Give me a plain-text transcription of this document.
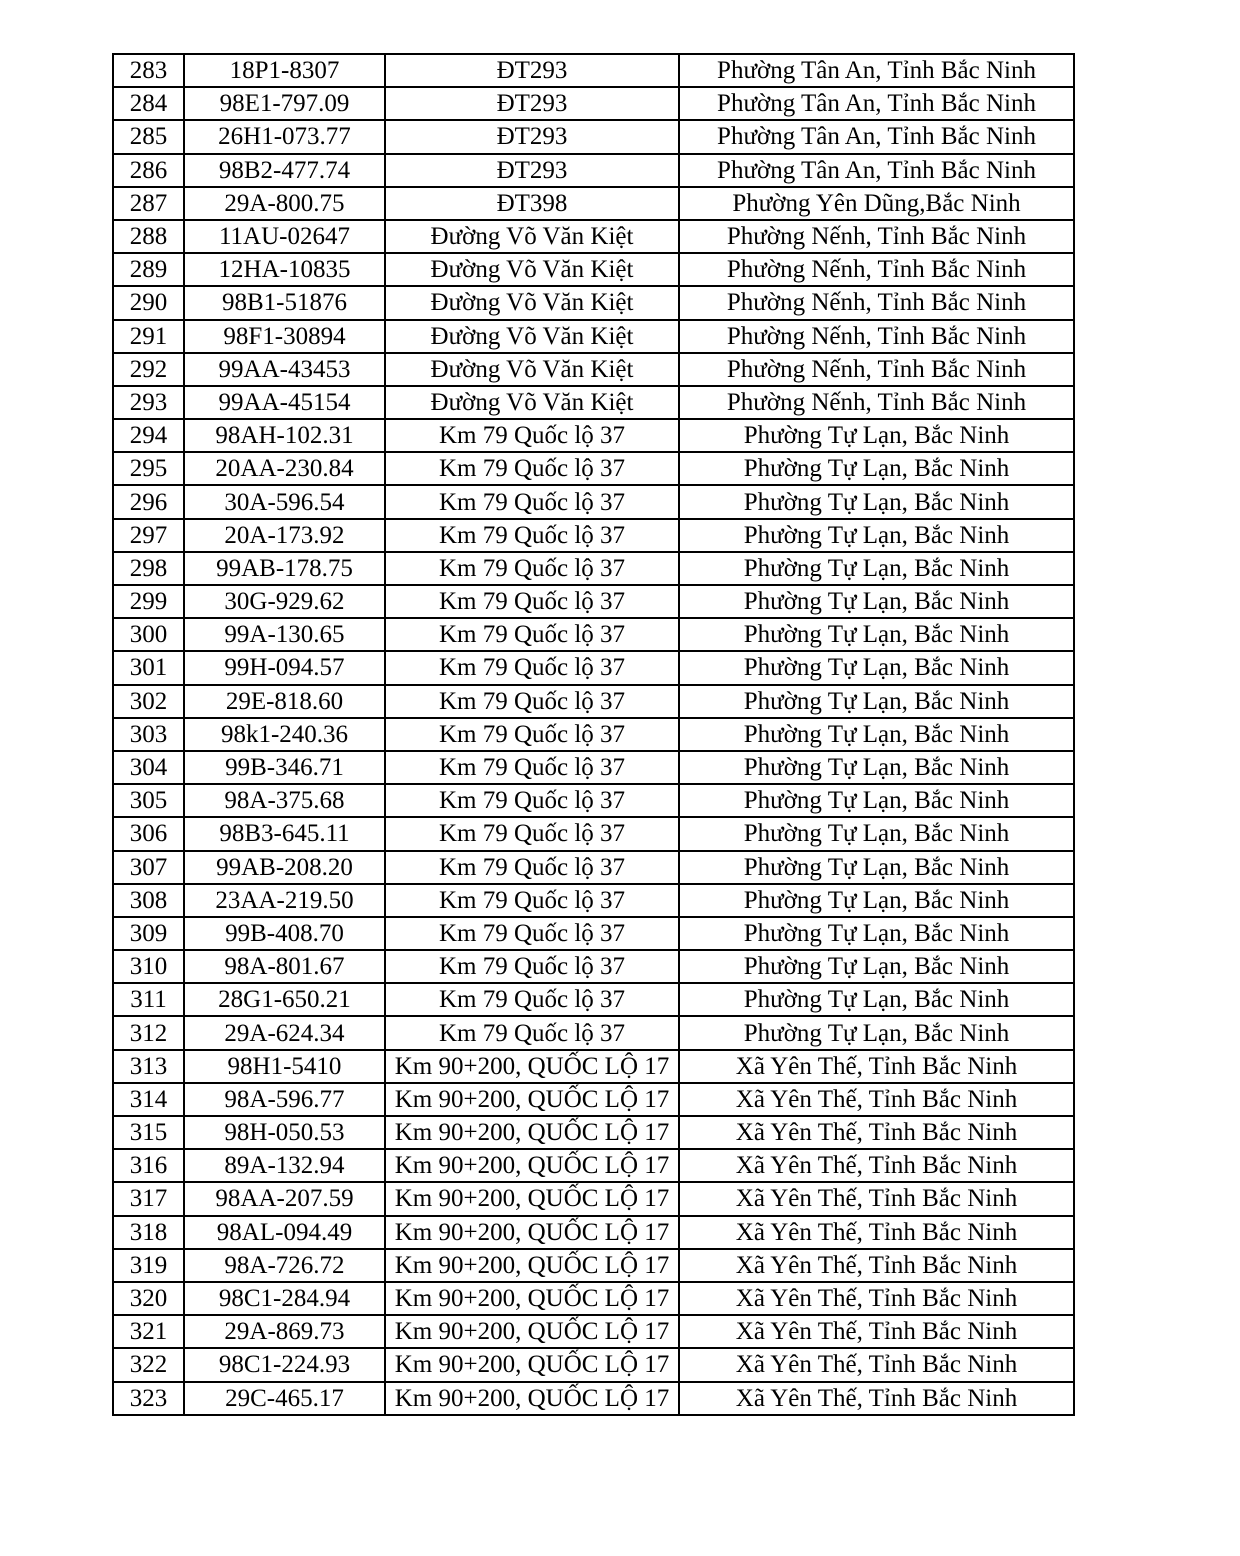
283	18P1-8307	ĐT293	Phường Tân An, Tỉnh Bắc Ninh
284	98E1-797.09	ĐT293	Phường Tân An, Tỉnh Bắc Ninh
285	26H1-073.77	ĐT293	Phường Tân An, Tỉnh Bắc Ninh
286	98B2-477.74	ĐT293	Phường Tân An, Tỉnh Bắc Ninh
287	29A-800.75	ĐT398	Phường Yên Dũng,Bắc Ninh
288	11AU-02647	Đường Võ Văn Kiệt	Phường Nếnh, Tỉnh Bắc Ninh
289	12HA-10835	Đường Võ Văn Kiệt	Phường Nếnh, Tỉnh Bắc Ninh
290	98B1-51876	Đường Võ Văn Kiệt	Phường Nếnh, Tỉnh Bắc Ninh
291	98F1-30894	Đường Võ Văn Kiệt	Phường Nếnh, Tỉnh Bắc Ninh
292	99AA-43453	Đường Võ Văn Kiệt	Phường Nếnh, Tỉnh Bắc Ninh
293	99AA-45154	Đường Võ Văn Kiệt	Phường Nếnh, Tỉnh Bắc Ninh
294	98AH-102.31	Km 79 Quốc lộ 37	Phường Tự Lạn, Bắc Ninh
295	20AA-230.84	Km 79 Quốc lộ 37	Phường Tự Lạn, Bắc Ninh
296	30A-596.54	Km 79 Quốc lộ 37	Phường Tự Lạn, Bắc Ninh
297	20A-173.92	Km 79 Quốc lộ 37	Phường Tự Lạn, Bắc Ninh
298	99AB-178.75	Km 79 Quốc lộ 37	Phường Tự Lạn, Bắc Ninh
299	30G-929.62	Km 79 Quốc lộ 37	Phường Tự Lạn, Bắc Ninh
300	99A-130.65	Km 79 Quốc lộ 37	Phường Tự Lạn, Bắc Ninh
301	99H-094.57	Km 79 Quốc lộ 37	Phường Tự Lạn, Bắc Ninh
302	29E-818.60	Km 79 Quốc lộ 37	Phường Tự Lạn, Bắc Ninh
303	98k1-240.36	Km 79 Quốc lộ 37	Phường Tự Lạn, Bắc Ninh
304	99B-346.71	Km 79 Quốc lộ 37	Phường Tự Lạn, Bắc Ninh
305	98A-375.68	Km 79 Quốc lộ 37	Phường Tự Lạn, Bắc Ninh
306	98B3-645.11	Km 79 Quốc lộ 37	Phường Tự Lạn, Bắc Ninh
307	99AB-208.20	Km 79 Quốc lộ 37	Phường Tự Lạn, Bắc Ninh
308	23AA-219.50	Km 79 Quốc lộ 37	Phường Tự Lạn, Bắc Ninh
309	99B-408.70	Km 79 Quốc lộ 37	Phường Tự Lạn, Bắc Ninh
310	98A-801.67	Km 79 Quốc lộ 37	Phường Tự Lạn, Bắc Ninh
311	28G1-650.21	Km 79 Quốc lộ 37	Phường Tự Lạn, Bắc Ninh
312	29A-624.34	Km 79 Quốc lộ 37	Phường Tự Lạn, Bắc Ninh
313	98H1-5410	Km 90+200, QUỐC LỘ 17	Xã Yên Thế, Tỉnh Bắc Ninh
314	98A-596.77	Km 90+200, QUỐC LỘ 17	Xã Yên Thế, Tỉnh Bắc Ninh
315	98H-050.53	Km 90+200, QUỐC LỘ 17	Xã Yên Thế, Tỉnh Bắc Ninh
316	89A-132.94	Km 90+200, QUỐC LỘ 17	Xã Yên Thế, Tỉnh Bắc Ninh
317	98AA-207.59	Km 90+200, QUỐC LỘ 17	Xã Yên Thế, Tỉnh Bắc Ninh
318	98AL-094.49	Km 90+200, QUỐC LỘ 17	Xã Yên Thế, Tỉnh Bắc Ninh
319	98A-726.72	Km 90+200, QUỐC LỘ 17	Xã Yên Thế, Tỉnh Bắc Ninh
320	98C1-284.94	Km 90+200, QUỐC LỘ 17	Xã Yên Thế, Tỉnh Bắc Ninh
321	29A-869.73	Km 90+200, QUỐC LỘ 17	Xã Yên Thế, Tỉnh Bắc Ninh
322	98C1-224.93	Km 90+200, QUỐC LỘ 17	Xã Yên Thế, Tỉnh Bắc Ninh
323	29C-465.17	Km 90+200, QUỐC LỘ 17	Xã Yên Thế, Tỉnh Bắc Ninh
